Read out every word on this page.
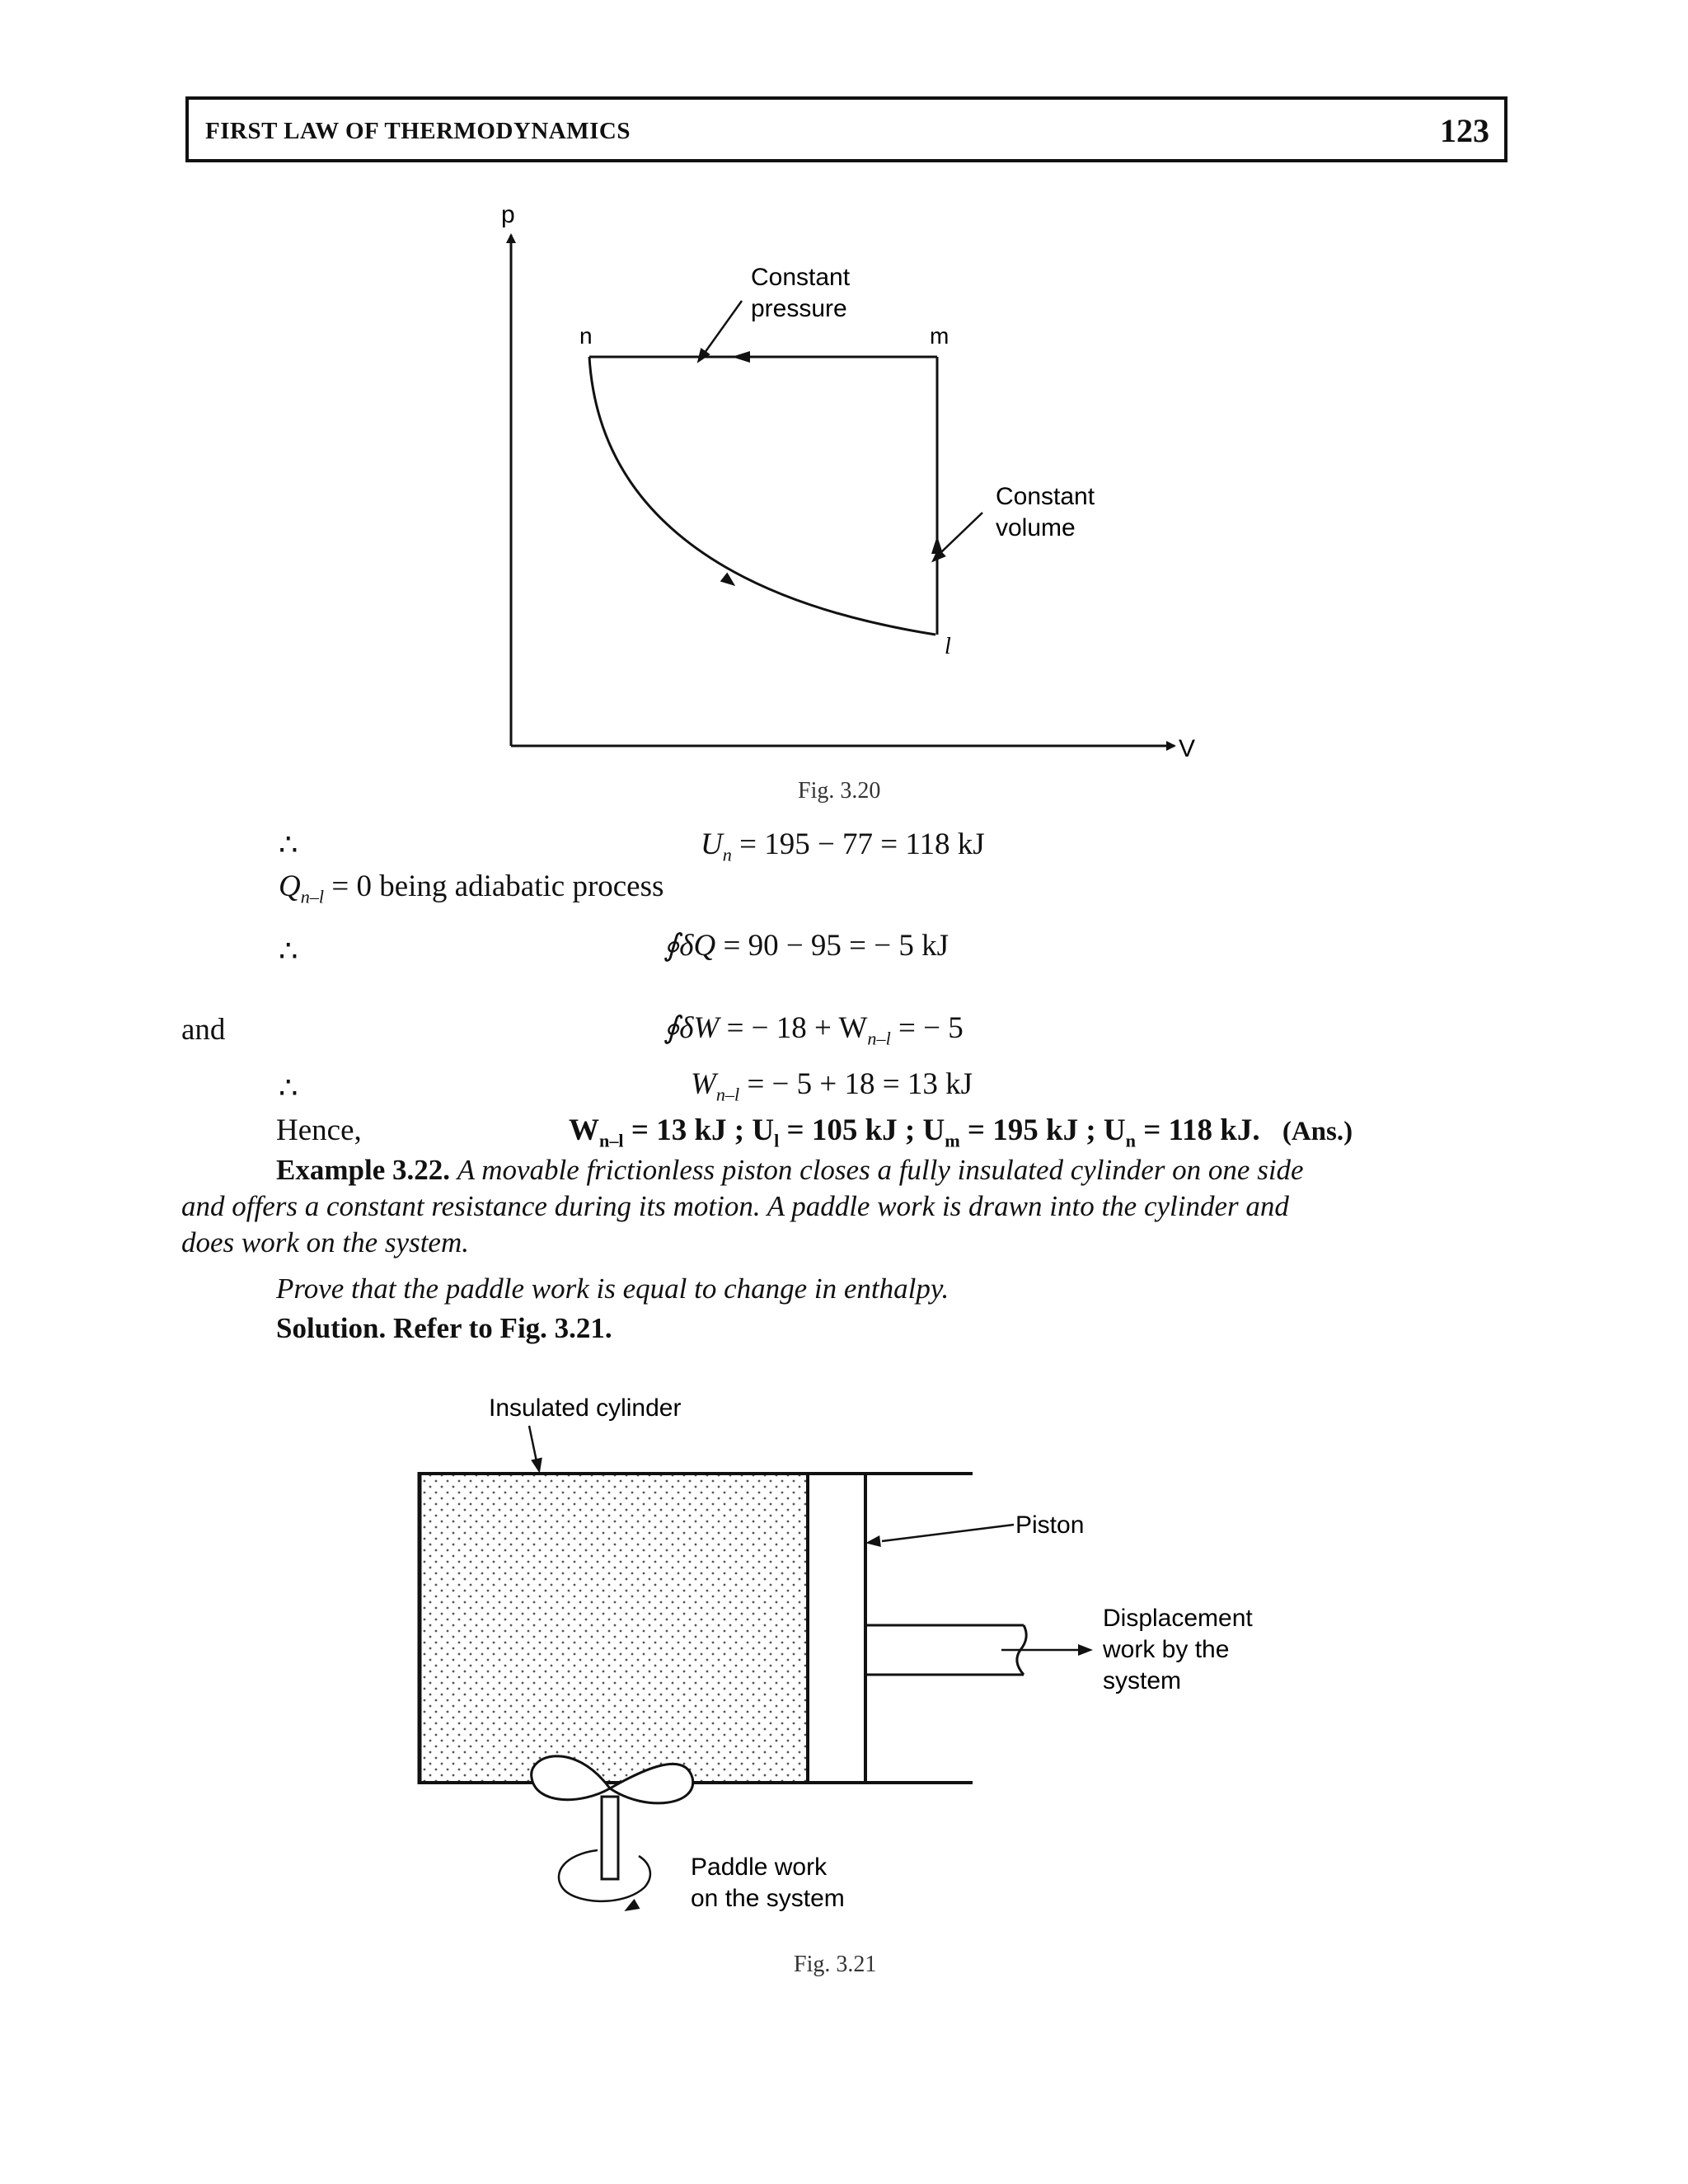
FIRST LAW OF THERMODYNAMICS	123
p
V
n	m
l
Constant
pressure
Constant
volume
Fig. 3.20
∴	$U_n = 195 - 77 = 118$ kJ
$Q_{n-l} = 0$ being adiabatic process
∴	∮δQ = 90 − 95 = − 5 kJ
and	∮δW = − $18 + W_{n-l}$ = − 5
∴	$W_{n-l}$ = − 5 + 18 = 13 kJ
Hence,	$W_{n-l} = 13$ kJ ; $U_l = 105$ kJ ; $U_m = 195$ kJ ; $U_n = 118$ kJ. (Ans.)
Example 3.22. A movable frictionless piston closes a fully insulated cylinder on one side
and offers a constant resistance during its motion. A paddle work is drawn into the cylinder and
does work on the system.
Prove that the paddle work is equal to change in enthalpy.
Solution. Refer to Fig. 3.21.
Insulated cylinder
Piston
Displacement
work by the
system
Paddle work
on the system
Fig. 3.21
